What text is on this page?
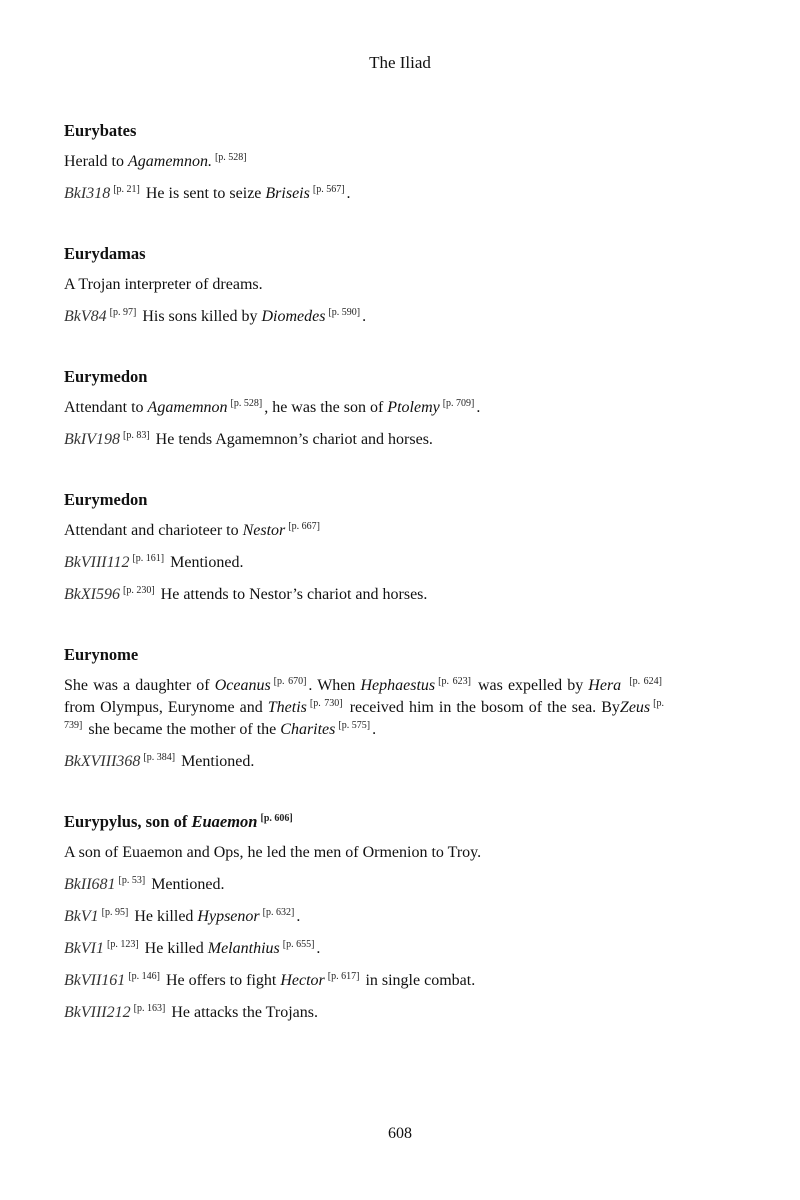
The Iliad
Eurybates
Herald to Agamemnon. [p. 528]
BkI318 [p. 21] He is sent to seize Briseis [p. 567] .
Eurydamas
A Trojan interpreter of dreams.
BkV84 [p. 97] His sons killed by Diomedes [p. 590] .
Eurymedon
Attendant to Agamemnon [p. 528] , he was the son of Ptolemy [p. 709] .
BkIV198 [p. 83] He tends Agamemnon’s chariot and horses.
Eurymedon
Attendant and charioteer to Nestor [p. 667]
BkVIII112 [p. 161] Mentioned.
BkXI596 [p. 230] He attends to Nestor’s chariot and horses.
Eurynome
She was a daughter of Oceanus [p. 670] . When Hephaestus [p. 623] was expelled by Hera [p. 624] from Olympus, Eurynome and Thetis [p. 730] received him in the bosom of the sea. ByZeus [p. 739] she became the mother of the Charites [p. 575] .
BkXVIII368 [p. 384] Mentioned.
Eurypylus, son of Euaemon [p. 606]
A son of Euaemon and Ops, he led the men of Ormenion to Troy.
BkII681 [p. 53] Mentioned.
BkV1 [p. 95] He killed Hypsenor [p. 632] .
BkVI1 [p. 123] He killed Melanthius [p. 655] .
BkVII161 [p. 146] He offers to fight Hector [p. 617] in single combat.
BkVIII212 [p. 163] He attacks the Trojans.
608
